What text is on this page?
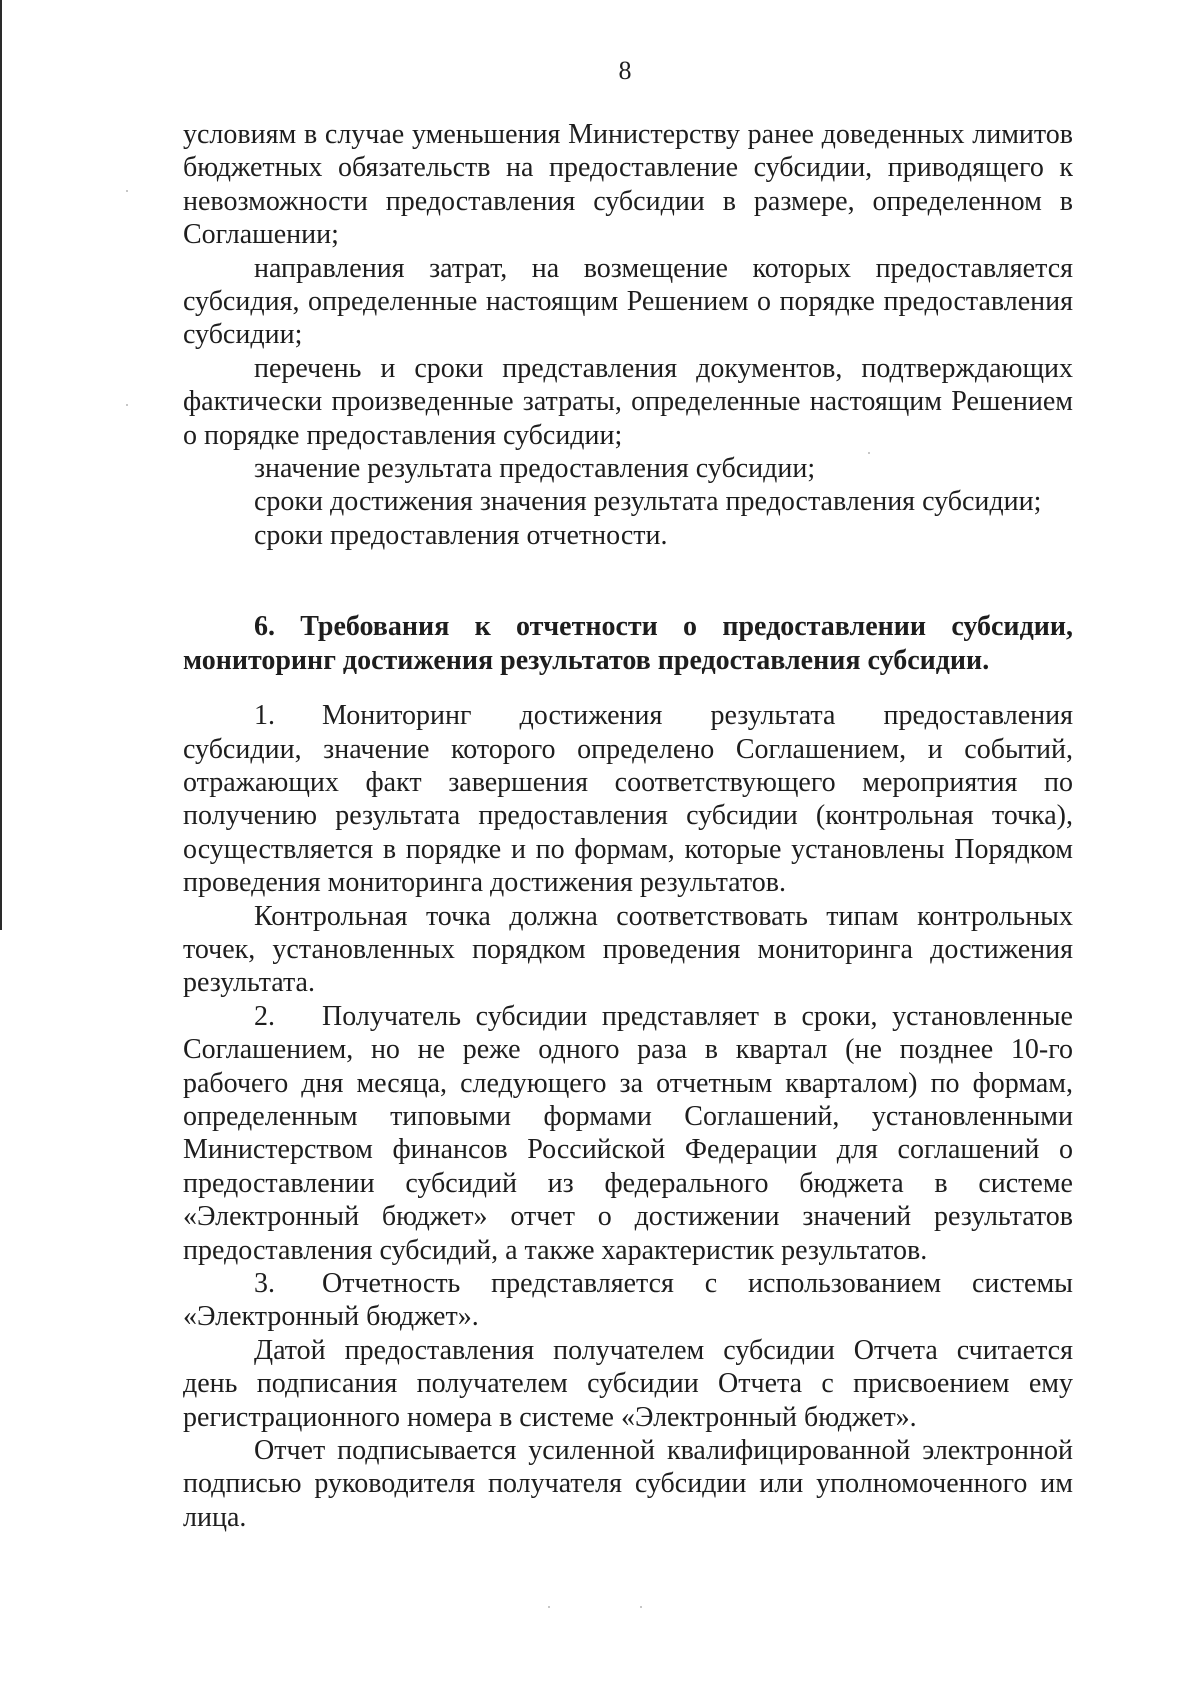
8

условиям в случае уменьшения Министерству ранее доведенных лимитов бюджетных обязательств на предоставление субсидии, приводящего к невозможности предоставления субсидии в размере, определенном в Соглашении;

направления затрат, на возмещение которых предоставляется субсидия, определенные настоящим Решением о порядке предоставления субсидии;

перечень и сроки представления документов, подтверждающих фактически произведенные затраты, определенные настоящим Решением о порядке предоставления субсидии;

значение результата предоставления субсидии;

сроки достижения значения результата предоставления субсидии;

сроки предоставления отчетности.

6. Требования к отчетности о предоставлении субсидии, мониторинг достижения результатов предоставления субсидии.

1. Мониторинг достижения результата предоставления субсидии, значение которого определено Соглашением, и событий, отражающих факт завершения соответствующего мероприятия по получению результата предоставления субсидии (контрольная точка), осуществляется в порядке и по формам, которые установлены Порядком проведения мониторинга достижения результатов.

Контрольная точка должна соответствовать типам контрольных точек, установленных порядком проведения мониторинга достижения результата.

2. Получатель субсидии представляет в сроки, установленные Соглашением, но не реже одного раза в квартал (не позднее 10-го рабочего дня месяца, следующего за отчетным кварталом) по формам, определенным типовыми формами Соглашений, установленными Министерством финансов Российской Федерации для соглашений о предоставлении субсидий из федерального бюджета в системе «Электронный бюджет» отчет о достижении значений результатов предоставления субсидий, а также характеристик результатов.

3. Отчетность представляется с использованием системы «Электронный бюджет».

Датой предоставления получателем субсидии Отчета считается день подписания получателем субсидии Отчета с присвоением ему регистрационного номера в системе «Электронный бюджет».

Отчет подписывается усиленной квалифицированной электронной подписью руководителя получателя субсидии или уполномоченного им лица.
